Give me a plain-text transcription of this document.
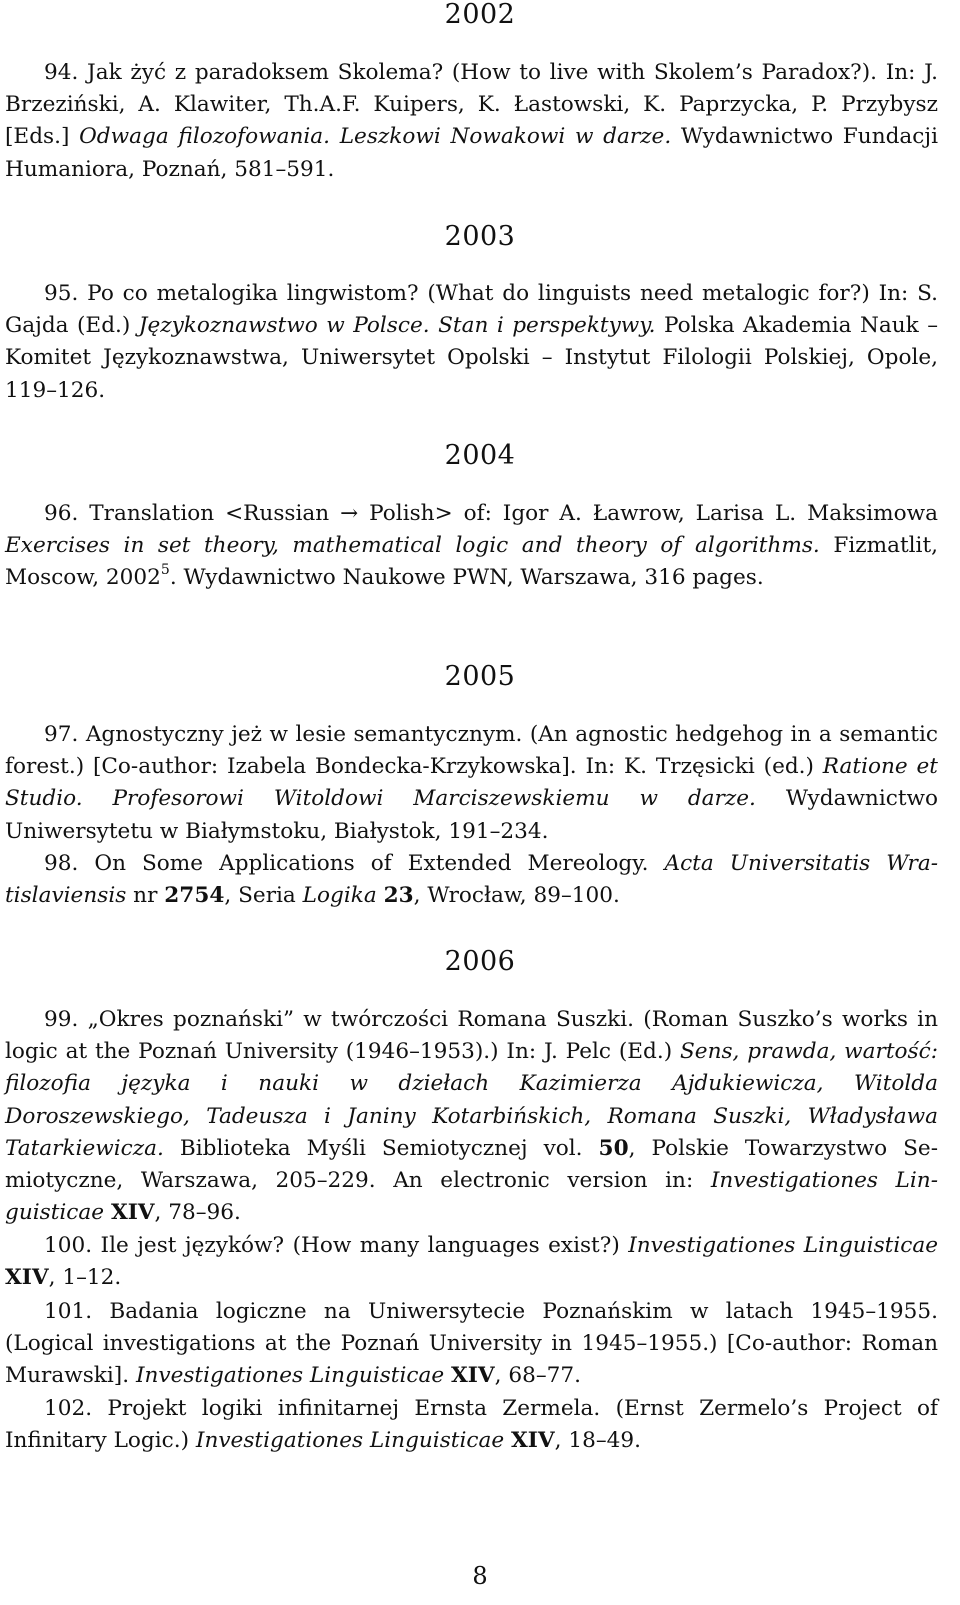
2002
94. Jak żyć z paradoksem Skolema? (How to live with Skolem’s Paradox?). In: J. Brzeziński, A. Klawiter, Th.A.F. Kuipers, K. Łastowski, K. Paprzycka, P. Przybysz [Eds.] Odwaga filozofowania. Leszkowi Nowakowi w darze. Wydawnictwo Fundacji Humaniora, Poznań, 581–591.
2003
95. Po co metalogika lingwistom? (What do linguists need metalogic for?) In: S. Gajda (Ed.) Językoznawstwo w Polsce. Stan i perspektywy. Polska Akademia Nauk – Komitet Językoznawstwa, Uniwersytet Opolski – Instytut Filologii Polskiej, Opole, 119–126.
2004
96. Translation <Russian → Polish> of: Igor A. Ławrow, Larisa L. Maksimowa Exercises in set theory, mathematical logic and theory of algorithms. Fizmatlit, Moscow, 2002$^5$. Wydawnictwo Naukowe PWN, Warszawa, 316 pages.
2005
97. Agnostyczny jeż w lesie semantycznym. (An agnostic hedgehog in a semantic forest.) [Co-author: Izabela Bondecka-Krzykowska]. In: K. Trzęsicki (ed.) Ratione et Studio. Profesorowi Witoldowi Marciszewskiemu w darze. Wydawnictwo Uniwersytetu w Białymstoku, Białystok, 191–234.
98. On Some Applications of Extended Mereology. Acta Universitatis Wratislaviensis nr 2754, Seria Logika 23, Wrocław, 89–100.
2006
99. „Okres poznański” w twórczości Romana Suszki. (Roman Suszko’s works in logic at the Poznań University (1946–1953).) In: J. Pelc (Ed.) Sens, prawda, wartość: filozofia języka i nauki w dziełach Kazimierza Ajdukiewicza, Witolda Doroszewskiego, Tadeusza i Janiny Kotarbińskich, Romana Suszki, Władysława Tatarkiewicza. Biblioteka Myśli Semiotycznej vol. 50, Polskie Towarzystwo Semiotyczne, Warszawa, 205–229. An electronic version in: Investigationes Linguisticae XIV, 78–96.
100. Ile jest języków? (How many languages exist?) Investigationes Linguisticae XIV, 1–12.
101. Badania logiczne na Uniwersytecie Poznańskim w latach 1945–1955. (Logical investigations at the Poznań University in 1945–1955.) [Co-author: Roman Murawski]. Investigationes Linguisticae XIV, 68–77.
102. Projekt logiki infinitarnej Ernsta Zermela. (Ernst Zermelo’s Project of Infinitary Logic.) Investigationes Linguisticae XIV, 18–49.
8
